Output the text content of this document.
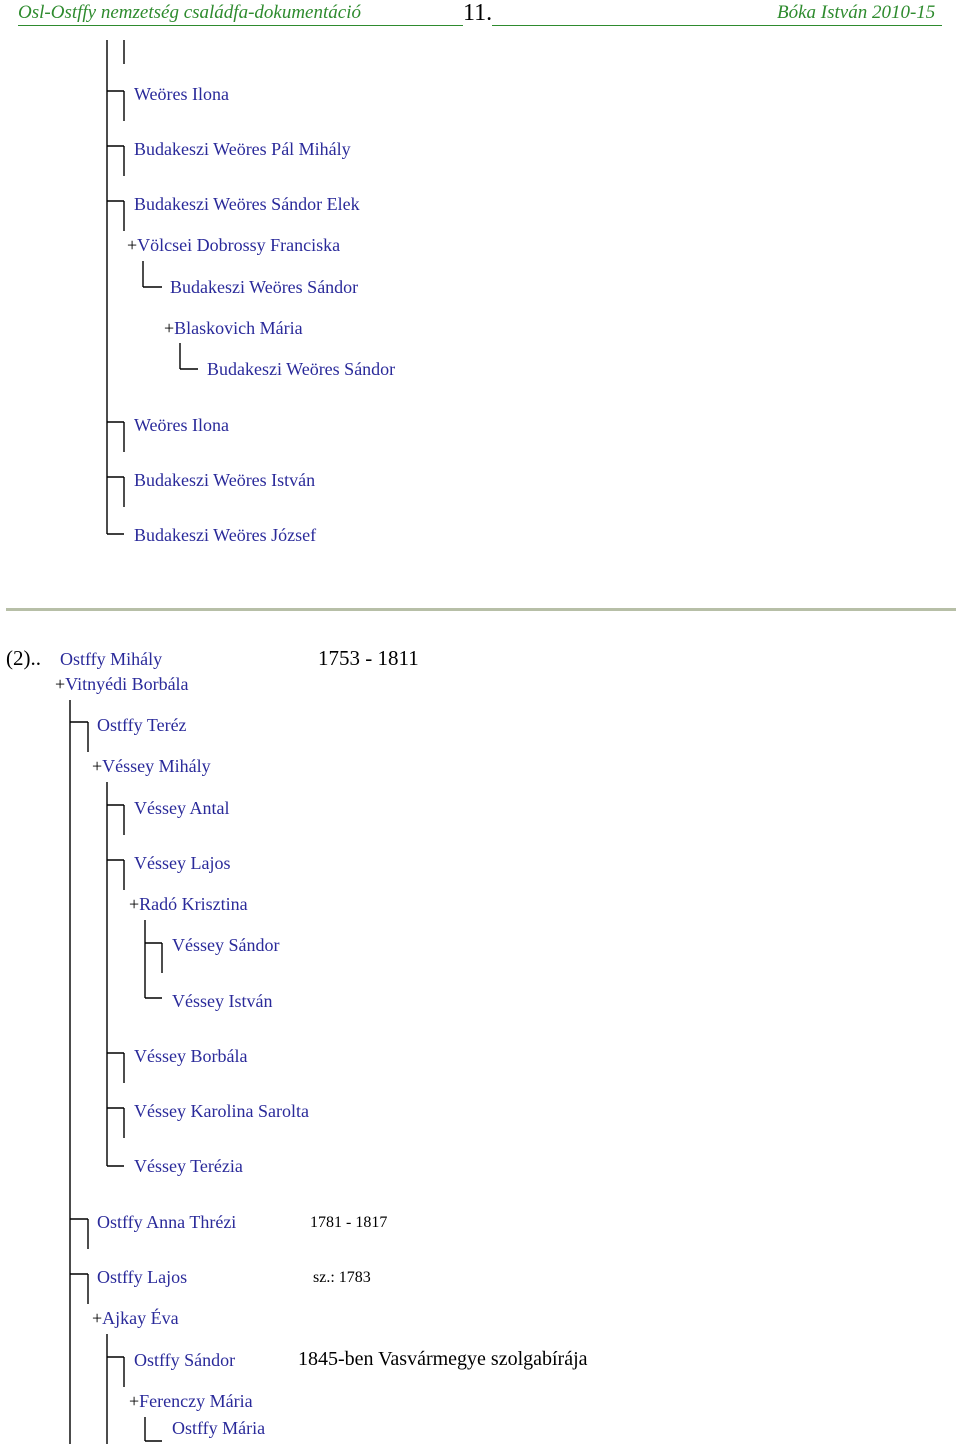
Osl-Ostffy nemzetség családfa-dokumentáció	11.	Bóka István 2010-15
Weöres Ilona
Budakeszi Weöres Pál Mihály
Budakeszi Weöres Sándor Elek
+Völcsei Dobrossy Franciska
Budakeszi Weöres Sándor
+Blaskovich Mária
Budakeszi Weöres Sándor
Weöres Ilona
Budakeszi Weöres István
Budakeszi Weöres József
(2).. Ostffy Mihály	1753 - 1811
+Vitnyédi Borbála
Ostffy Teréz
+Véssey Mihály
Véssey Antal
Véssey Lajos
+Radó Krisztina
Véssey Sándor
Véssey István
Véssey Borbála
Véssey Karolina Sarolta
Véssey Terézia
Ostffy Anna Thrézi	1781 - 1817
Ostffy Lajos	sz.: 1783
+Ajkay Éva
Ostffy Sándor	1845-ben Vasvármegye szolgabírája
+Ferenczy Mária
Ostffy Mária
